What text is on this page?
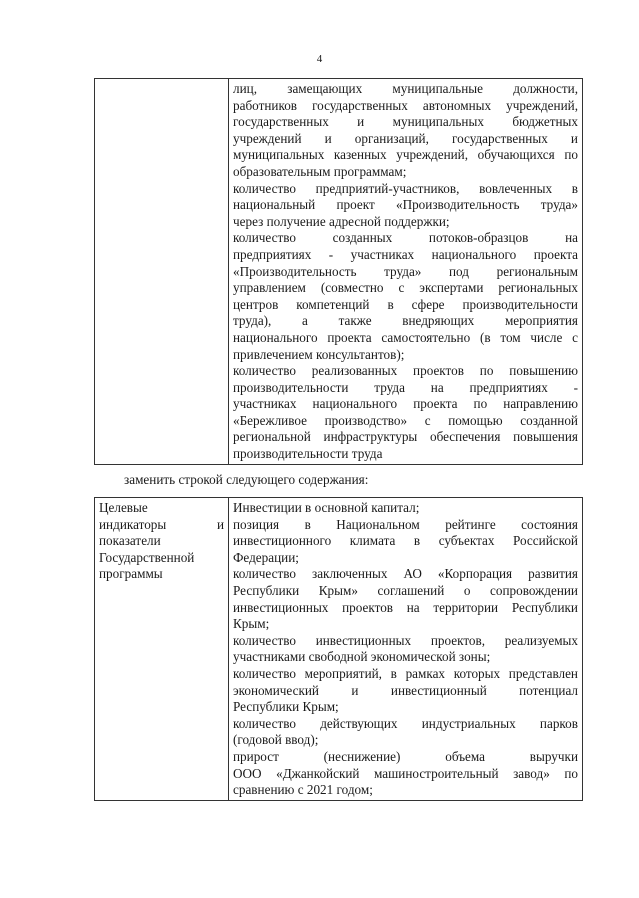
4

лиц, замещающих муниципальные должности,
работников государственных автономных учреждений,
государственных и муниципальных бюджетных
учреждений и организаций, государственных и
муниципальных казенных учреждений, обучающихся по
образовательным программам;
количество предприятий-участников, вовлеченных в
национальный проект «Производительность труда»
через получение адресной поддержки;
количество созданных потоков-образцов на
предприятиях - участниках национального проекта
«Производительность труда» под региональным
управлением (совместно с экспертами региональных
центров компетенций в сфере производительности
труда), а также внедряющих мероприятия
национального проекта самостоятельно (в том числе с
привлечением консультантов);
количество реализованных проектов по повышению
производительности труда на предприятиях -
участниках национального проекта по направлению
«Бережливое производство» с помощью созданной
региональной инфраструктуры обеспечения повышения
производительности труда
заменить строкой следующего содержания:
Целевые
индикаторы и
показатели
Государственной
программы

Инвестиции в основной капитал;
позиция в Национальном рейтинге состояния
инвестиционного климата в субъектах Российской
Федерации;
количество заключенных АО «Корпорация развития
Республики Крым» соглашений о сопровождении
инвестиционных проектов на территории Республики
Крым;
количество инвестиционных проектов, реализуемых
участниками свободной экономической зоны;
количество мероприятий, в рамках которых представлен
экономический и инвестиционный потенциал
Республики Крым;
количество действующих индустриальных парков
(годовой ввод);
прирост (неснижение) объема выручки
ООО «Джанкойский машиностроительный завод» по
сравнению с 2021 годом;
